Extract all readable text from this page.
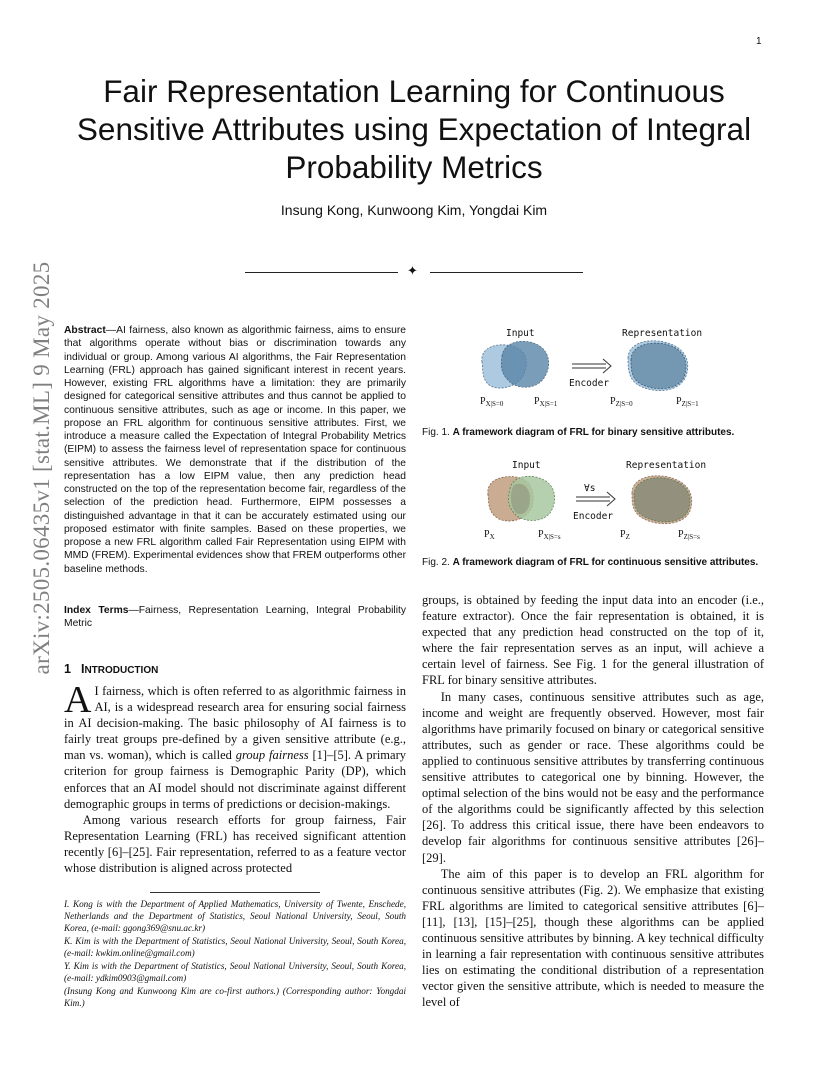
1
arXiv:2505.06435v1 [stat.ML] 9 May 2025
Fair Representation Learning for Continuous Sensitive Attributes using Expectation of Integral Probability Metrics
Insung Kong, Kunwoong Kim, Yongdai Kim
✦
Abstract—AI fairness, also known as algorithmic fairness, aims to ensure that algorithms operate without bias or discrimination towards any individual or group. Among various AI algorithms, the Fair Representation Learning (FRL) approach has gained significant interest in recent years. However, existing FRL algorithms have a limitation: they are primarily designed for categorical sensitive attributes and thus cannot be applied to continuous sensitive attributes, such as age or income. In this paper, we propose an FRL algorithm for continuous sensitive attributes. First, we introduce a measure called the Expectation of Integral Probability Metrics (EIPM) to assess the fairness level of representation space for continuous sensitive attributes. We demonstrate that if the distribution of the representation has a low EIPM value, then any prediction head constructed on the top of the representation become fair, regardless of the selection of the prediction head. Furthermore, EIPM possesses a distinguished advantage in that it can be accurately estimated using our proposed estimator with finite samples. Based on these properties, we propose a new FRL algorithm called Fair Representation using EIPM with MMD (FREM). Experimental evidences show that FREM outperforms other baseline methods.
Index Terms—Fairness, Representation Learning, Integral Probability Metric
1 INTRODUCTION

A I fairness, which is often referred to as algorithmic fairness in AI, is a widespread research area for ensuring social fairness in AI decision-making. The basic philosophy of AI fairness is to fairly treat groups pre-defined by a given sensitive attribute (e.g., man vs. woman), which is called group fairness [1]–[5]. A primary criterion for group fairness is Demographic Parity (DP), which enforces that an AI model should not discriminate against different demographic groups in terms of predictions or decision-makings.

Among various research efforts for group fairness, Fair Representation Learning (FRL) has received significant attention recently [6]–[25]. Fair representation, referred to as a feature vector whose distribution is aligned across protected

I. Kong is with the Department of Applied Mathematics, University of Twente, Enschede, Netherlands and the Department of Statistics, Seoul National University, Seoul, South Korea, (e-mail: ggong369@snu.ac.kr)

K. Kim is with the Department of Statistics, Seoul National University, Seoul, South Korea, (e-mail: kwkim.online@gmail.com)

Y. Kim is with the Department of Statistics, Seoul National University, Seoul, South Korea, (e-mail: ydkim0903@gmail.com)

(Insung Kong and Kunwoong Kim are co-first authors.) (Corresponding author: Yongdai Kim.)

Input	Representation
Encoder
$P_{X|S=0}$	$P_{X|S=1}$	$P_{Z|S=0}$	$P_{Z|S=1}$
Fig. 1. A framework diagram of FRL for binary sensitive attributes.
Input	Representation
∀s
Encoder
$P_X$	$P_{X|S=s}$	$P_Z$	$P_{Z|S=s}$
Fig. 2. A framework diagram of FRL for continuous sensitive attributes.

groups, is obtained by feeding the input data into an encoder (i.e., feature extractor). Once the fair representation is obtained, it is expected that any prediction head constructed on the top of it, where the fair representation serves as an input, will achieve a certain level of fairness. See Fig. 1 for the general illustration of FRL for binary sensitive attributes.

In many cases, continuous sensitive attributes such as age, income and weight are frequently observed. However, most fair algorithms have primarily focused on binary or categorical sensitive attributes, such as gender or race. These algorithms could be applied to continuous sensitive attributes by transferring continuous sensitive attributes to categorical one by binning. However, the optimal selection of the bins would not be easy and the performance of the algorithms could be significantly affected by this selection [26]. To address this critical issue, there have been endeavors to develop fair algorithms for continuous sensitive attributes [26]–[29].

The aim of this paper is to develop an FRL algorithm for continuous sensitive attributes (Fig. 2). We emphasize that existing FRL algorithms are limited to categorical sensitive attributes [6]–[11], [13], [15]–[25], though these algorithms can be applied continuous sensitive attributes by binning. A key technical difficulty in learning a fair representation with continuous sensitive attributes lies on estimating the conditional distribution of a representation vector given the sensitive attribute, which is needed to measure the level of
